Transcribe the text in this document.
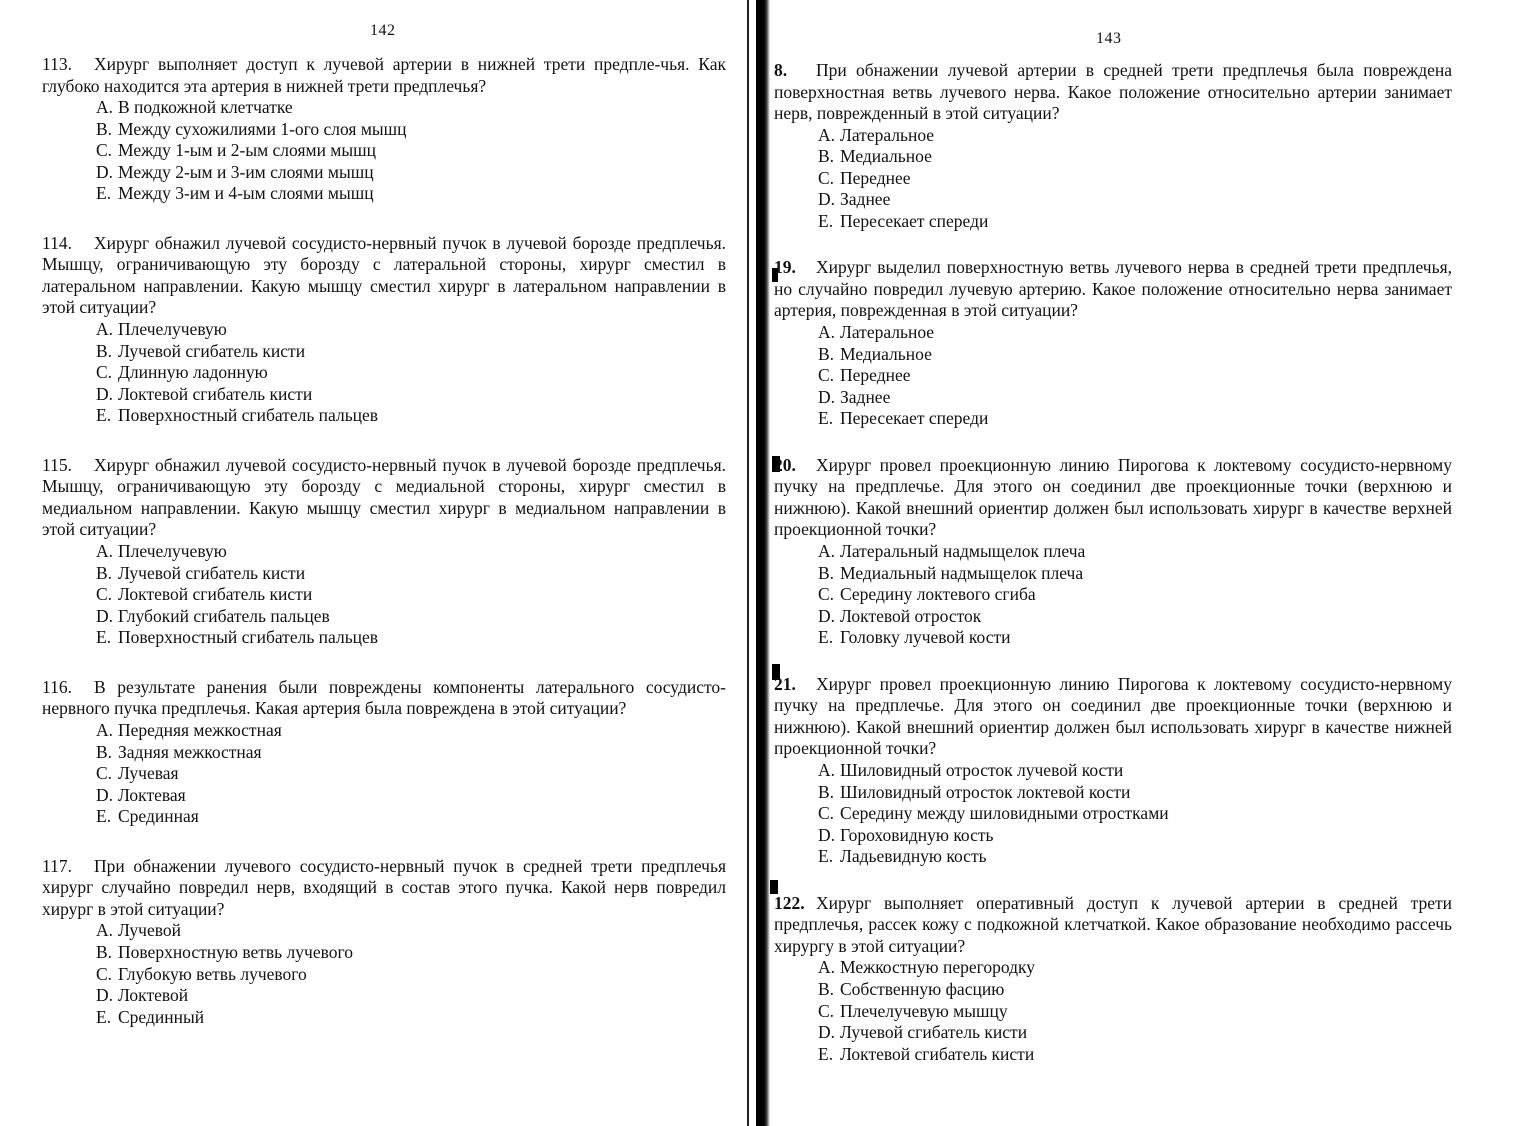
142
113. Хирург выполняет доступ к лучевой артерии в нижней трети предпле-чья. Как глубоко находится эта артерия в нижней трети предплечья?
A. В подкожной клетчатке
B. Между сухожилиями 1-ого слоя мышц
C. Между 1-ым и 2-ым слоями мышц
D. Между 2-ым и 3-им слоями мышц
E. Между 3-им и 4-ым слоями мышц
114. Хирург обнажил лучевой сосудисто-нервный пучок в лучевой борозде предплечья. Мышцу, ограничивающую эту борозду с латеральной стороны, хирург сместил в латеральном направлении. Какую мышцу сместил хирург в латеральном направлении в этой ситуации?
A. Плечелучевую
B. Лучевой сгибатель кисти
C. Длинную ладонную
D. Локтевой сгибатель кисти
E. Поверхностный сгибатель пальцев
115. Хирург обнажил лучевой сосудисто-нервный пучок в лучевой борозде предплечья. Мышцу, ограничивающую эту борозду с медиальной стороны, хирург сместил в медиальном направлении. Какую мышцу сместил хирург в медиальном направлении в этой ситуации?
A. Плечелучевую
B. Лучевой сгибатель кисти
C. Локтевой сгибатель кисти
D. Глубокий сгибатель пальцев
E. Поверхностный сгибатель пальцев
116. В результате ранения были повреждены компоненты латерального сосудисто-нервного пучка предплечья. Какая артерия была повреждена в этой ситуации?
A. Передняя межкостная
B. Задняя межкостная
C. Лучевая
D. Локтевая
E. Срединная
117. При обнажении лучевого сосудисто-нервный пучок в средней трети предплечья хирург случайно повредил нерв, входящий в состав этого пучка. Какой нерв повредил хирург в этой ситуации?
A. Лучевой
B. Поверхностную ветвь лучевого
C. Глубокую ветвь лучевого
D. Локтевой
E. Срединный
143
8. При обнажении лучевой артерии в средней трети предплечья была повреждена поверхностная ветвь лучевого нерва. Какое положение относительно артерии занимает нерв, поврежденный в этой ситуации?
A. Латеральное
B. Медиальное
C. Переднее
D. Заднее
E. Пересекает спереди
19. Хирург выделил поверхностную ветвь лучевого нерва в средней трети предплечья, но случайно повредил лучевую артерию. Какое положение относительно нерва занимает артерия, поврежденная в этой ситуации?
A. Латеральное
B. Медиальное
C. Переднее
D. Заднее
E. Пересекает спереди
20. Хирург провел проекционную линию Пирогова к локтевому сосудисто-нервному пучку на предплечье. Для этого он соединил две проекционные точки (верхнюю и нижнюю). Какой внешний ориентир должен был использовать хирург в качестве верхней проекционной точки?
A. Латеральный надмыщелок плеча
B. Медиальный надмыщелок плеча
C. Середину локтевого сгиба
D. Локтевой отросток
E. Головку лучевой кости
21. Хирург провел проекционную линию Пирогова к локтевому сосудисто-нервному пучку на предплечье. Для этого он соединил две проекционные точки (верхнюю и нижнюю). Какой внешний ориентир должен был использовать хирург в качестве нижней проекционной точки?
A. Шиловидный отросток лучевой кости
B. Шиловидный отросток локтевой кости
C. Середину между шиловидными отростками
D. Гороховидную кость
E. Ладьевидную кость
122. Хирург выполняет оперативный доступ к лучевой артерии в средней трети предплечья, рассек кожу с подкожной клетчаткой. Какое образование необходимо рассечь хирургу в этой ситуации?
A. Межкостную перегородку
B. Собственную фасцию
C. Плечелучевую мышцу
D. Лучевой сгибатель кисти
E. Локтевой сгибатель кисти
